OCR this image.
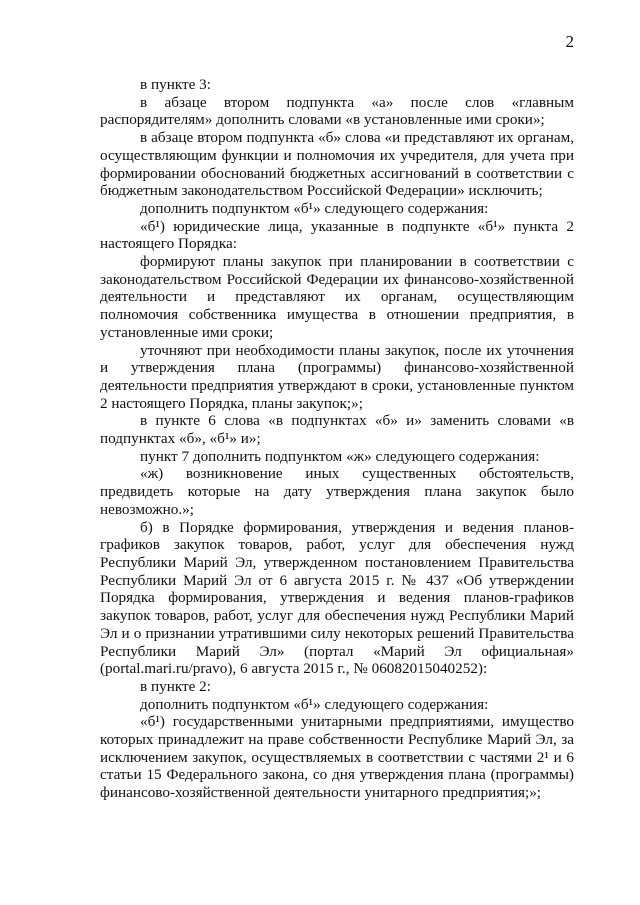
2

в пункте 3:

в абзаце втором подпункта «а» после слов «главным распорядителям» дополнить словами «в установленные ими сроки»;

в абзаце втором подпункта «б» слова «и представляют их органам, осуществляющим функции и полномочия их учредителя, для учета при формировании обоснований бюджетных ассигнований в соответствии с бюджетным законодательством Российской Федерации» исключить;

дополнить подпунктом «б¹» следующего содержания:

«б¹) юридические лица, указанные в подпункте «б¹» пункта 2 настоящего Порядка:

формируют планы закупок при планировании в соответствии с законодательством Российской Федерации их финансово-хозяйственной деятельности и представляют их органам, осуществляющим полномочия собственника имущества в отношении предприятия, в установленные ими сроки;

уточняют при необходимости планы закупок, после их уточнения и утверждения плана (программы) финансово-хозяйственной деятельности предприятия утверждают в сроки, установленные пунктом 2 настоящего Порядка, планы закупок;»;

в пункте 6 слова «в подпунктах «б» и» заменить словами «в подпунктах «б», «б¹» и»;

пункт 7 дополнить подпунктом «ж» следующего содержания:

«ж) возникновение иных существенных обстоятельств, предвидеть которые на дату утверждения плана закупок было невозможно.»;

б) в Порядке формирования, утверждения и ведения планов-графиков закупок товаров, работ, услуг для обеспечения нужд Республики Марий Эл, утвержденном постановлением Правительства Республики Марий Эл от 6 августа 2015 г. № 437 «Об утверждении Порядка формирования, утверждения и ведения планов-графиков закупок товаров, работ, услуг для обеспечения нужд Республики Марий Эл и о признании утратившими силу некоторых решений Правительства Республики Марий Эл» (портал «Марий Эл официальная» (portal.mari.ru/pravo), 6 августа 2015 г., № 06082015040252):

в пункте 2:

дополнить подпунктом «б¹» следующего содержания:

«б¹) государственными унитарными предприятиями, имущество которых принадлежит на праве собственности Республике Марий Эл, за исключением закупок, осуществляемых в соответствии с частями 2¹ и 6 статьи 15 Федерального закона, со дня утверждения плана (программы) финансово-хозяйственной деятельности унитарного предприятия;»;
